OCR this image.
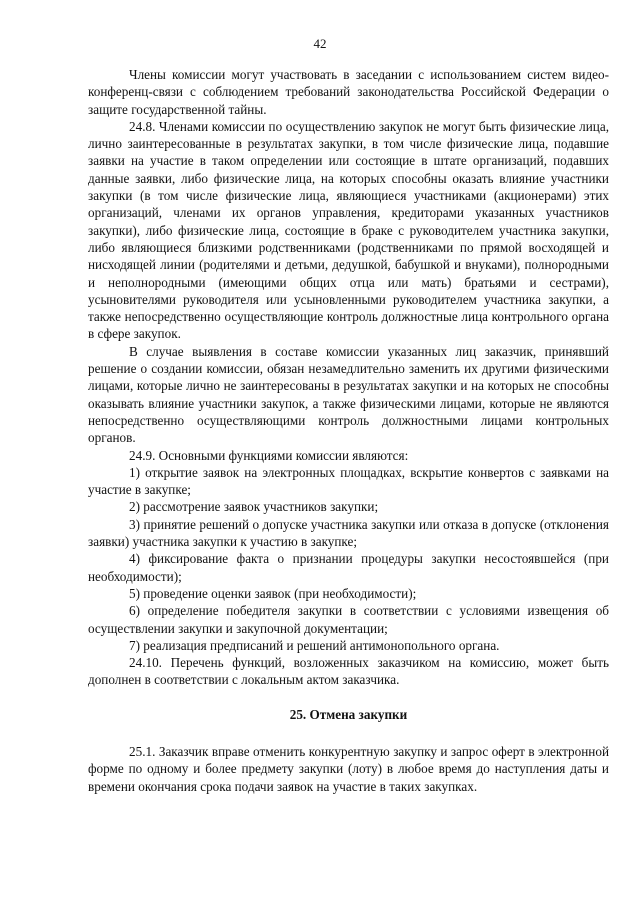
42

Члены комиссии могут участвовать в заседании с использованием систем видео-конференц-связи с соблюдением требований законодательства Российской Федерации о защите государственной тайны.

24.8. Членами комиссии по осуществлению закупок не могут быть физические лица, лично заинтересованные в результатах закупки, в том числе физические лица, подавшие заявки на участие в таком определении или состоящие в штате организаций, подавших данные заявки, либо физические лица, на которых способны оказать влияние участники закупки (в том числе физические лица, являющиеся участниками (акционерами) этих организаций, членами их органов управления, кредиторами указанных участников закупки), либо физические лица, состоящие в браке с руководителем участника закупки, либо являющиеся близкими родственниками (родственниками по прямой восходящей и нисходящей линии (родителями и детьми, дедушкой, бабушкой и внуками), полнородными и неполнородными (имеющими общих отца или мать) братьями и сестрами), усыновителями руководителя или усыновленными руководителем участника закупки, а также непосредственно осуществляющие контроль должностные лица контрольного органа в сфере закупок.

В случае выявления в составе комиссии указанных лиц заказчик, принявший решение о создании комиссии, обязан незамедлительно заменить их другими физическими лицами, которые лично не заинтересованы в результатах закупки и на которых не способны оказывать влияние участники закупок, а также физическими лицами, которые не являются непосредственно осуществляющими контроль должностными лицами контрольных органов.

24.9. Основными функциями комиссии являются:

1) открытие заявок на электронных площадках, вскрытие конвертов с заявками на участие в закупке;

2) рассмотрение заявок участников закупки;

3) принятие решений о допуске участника закупки или отказа в допуске (отклонения заявки) участника закупки к участию в закупке;

4) фиксирование факта о признании процедуры закупки несостоявшейся (при необходимости);

5) проведение оценки заявок (при необходимости);

6) определение победителя закупки в соответствии с условиями извещения об осуществлении закупки и закупочной документации;

7) реализация предписаний и решений антимонопольного органа.

24.10. Перечень функций, возложенных заказчиком на комиссию, может быть дополнен в соответствии с локальным актом заказчика.

25. Отмена закупки

25.1. Заказчик вправе отменить конкурентную закупку и запрос оферт в электронной форме по одному и более предмету закупки (лоту) в любое время до наступления даты и времени окончания срока подачи заявок на участие в таких закупках.
